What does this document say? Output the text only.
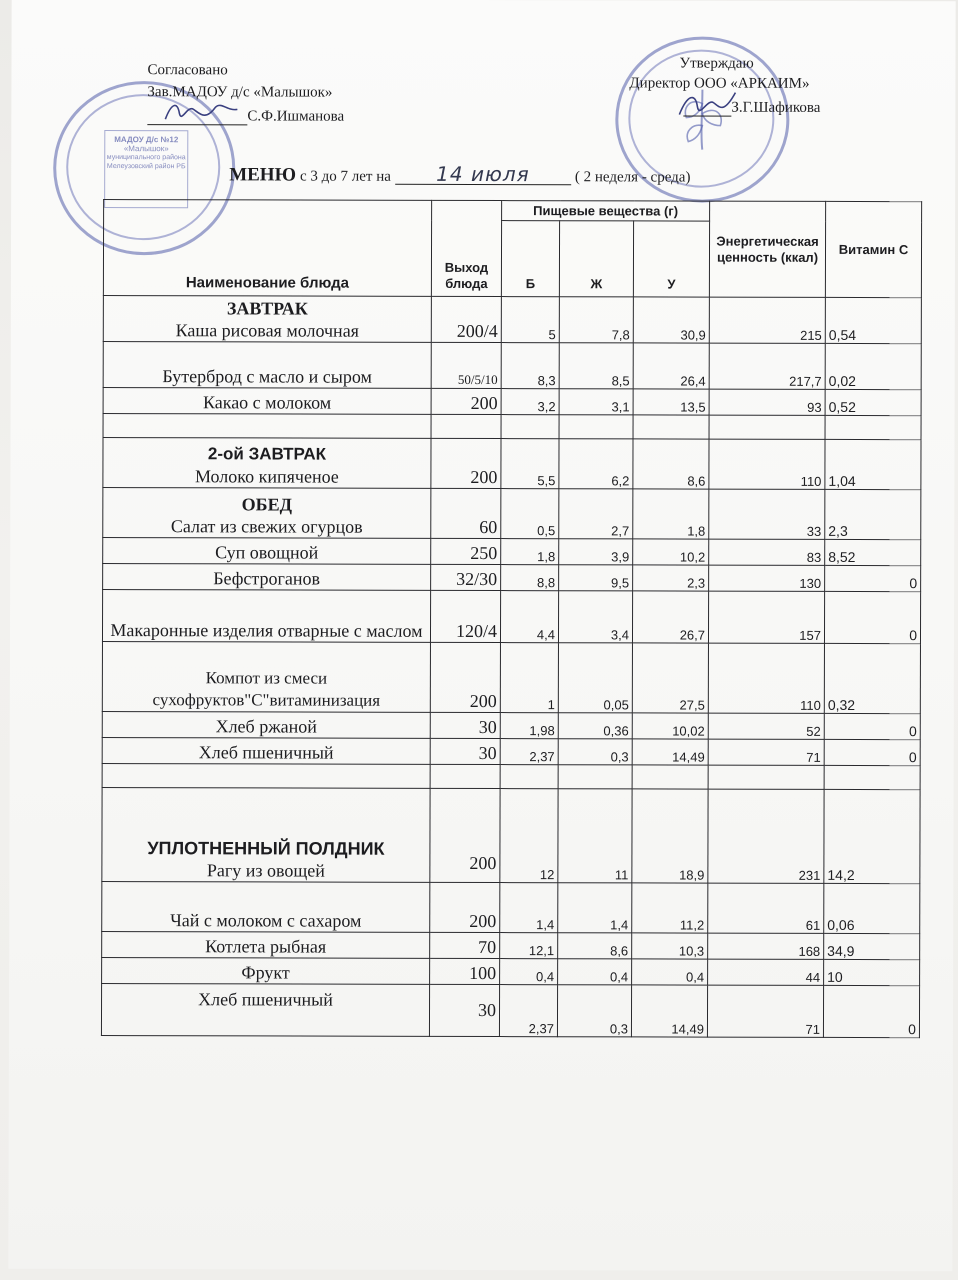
МАДОУ Д/с №12
«Малышок»
муниципального района
Мелеузовский район РБ
Согласовано
Зав.МАДОУ д/с «Малышок»
С.Ф.Ишманова
Утверждаю
Директор ООО «АРКАИМ»
З.Г.Шафикова
МЕНЮ с 3 до 7 лет на 14 июля	( 2 неделя - среда)
Наименование блюда	Выход блюда	Пищевые вещества (г)			Энергетическая ценность (ккал)	Витамин С
		Б	Ж	У		

ЗАВТРАК
Каша рисовая молочная	200/4	5	7,8	30,9	215	0,54
Бутерброд с масло и сыром	50/5/10	8,3	8,5	26,4	217,7	0,02
Какао с молоком	200	3,2	3,1	13,5	93	0,52

2-ой ЗАВТРАК
Молоко кипяченое	200	5,5	6,2	8,6	110	1,04

ОБЕД
Салат из свежих огурцов	60	0,5	2,7	1,8	33	2,3
Суп овощной	250	1,8	3,9	10,2	83	8,52
Бефстроганов	32/30	8,8	9,5	2,3	130	0
Макаронные изделия отварные с маслом	120/4	4,4	3,4	26,7	157	0
Компот из смеси сухофруктов"С"витаминизация	200	1	0,05	27,5	110	0,32
Хлеб ржаной	30	1,98	0,36	10,02	52	0
Хлеб пшеничный	30	2,37	0,3	14,49	71	0

УПЛОТНЕННЫЙ ПОЛДНИК
Рагу из овощей	200	12	11	18,9	231	14,2
Чай с молоком с сахаром	200	1,4	1,4	11,2	61	0,06
Котлета рыбная	70	12,1	8,6	10,3	168	34,9
Фрукт	100	0,4	0,4	0,4	44	10
Хлеб пшеничный	30	2,37	0,3	14,49	71	0
